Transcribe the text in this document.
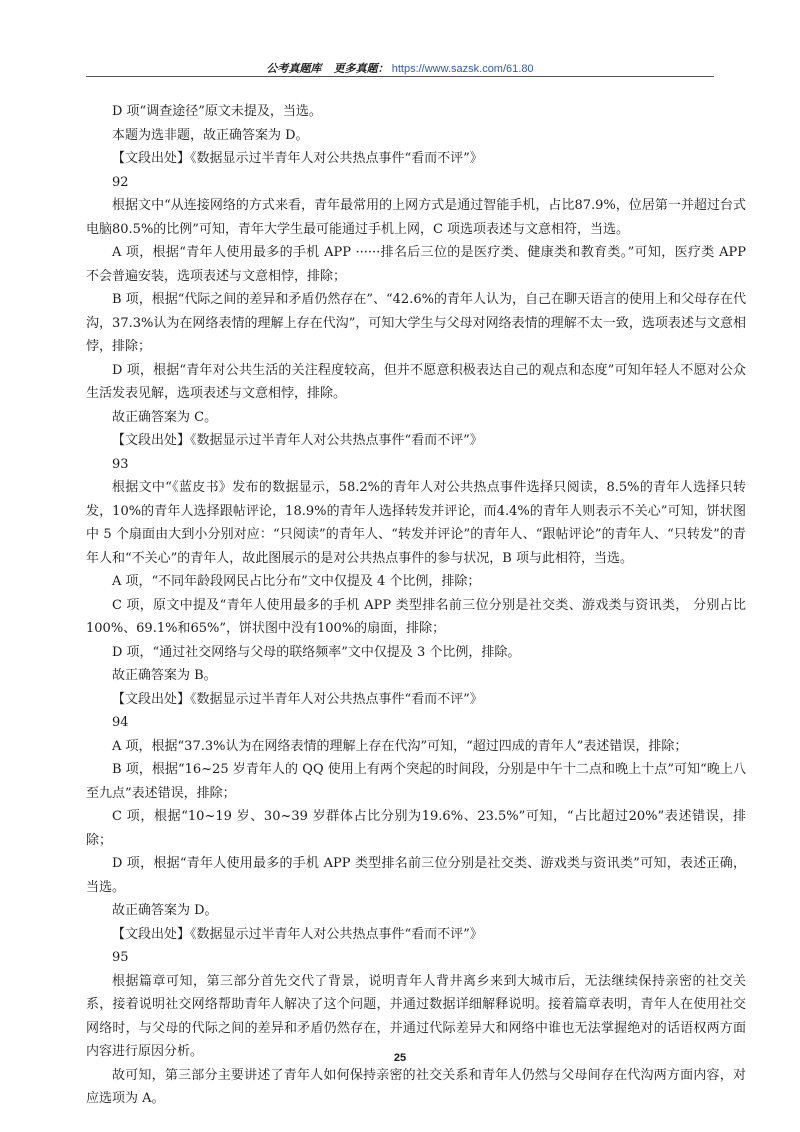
公考真题库 更多真题： https://www.sazsk.com/61.80

D 项“调查途径”原文未提及，当选。

本题为选非题，故正确答案为 D。

【文段出处】《数据显示过半青年人对公共热点事件“看而不评”》

92

根据文中“从连接网络的方式来看，青年最常用的上网方式是通过智能手机，占比87.9%，位居第一并超过台式电脑80.5%的比例”可知，青年大学生最可能通过手机上网，C 项选项表述与文意相符，当选。

A 项，根据“青年人使用最多的手机 APP ······排名后三位的是医疗类、健康类和教育类。”可知，医疗类 APP 不会普遍安装，选项表述与文意相悖，排除；

B 项，根据“代际之间的差异和矛盾仍然存在”、“42.6%的青年人认为，自己在聊天语言的使用上和父母存在代沟，37.3%认为在网络表情的理解上存在代沟”，可知大学生与父母对网络表情的理解不太一致，选项表述与文意相悖，排除；

D 项，根据“青年对公共生活的关注程度较高，但并不愿意积极表达自己的观点和态度”可知年轻人不愿对公众生活发表见解，选项表述与文意相悖，排除。

故正确答案为 C。

【文段出处】《数据显示过半青年人对公共热点事件“看而不评”》

93

根据文中“《蓝皮书》发布的数据显示，58.2%的青年人对公共热点事件选择只阅读，8.5%的青年人选择只转发，10%的青年人选择跟帖评论，18.9%的青年人选择转发并评论，而4.4%的青年人则表示不关心”可知，饼状图中 5 个扇面由大到小分别对应：“只阅读”的青年人、“转发并评论”的青年人、“跟帖评论”的青年人、“只转发”的青年人和“不关心”的青年人，故此图展示的是对公共热点事件的参与状况，B 项与此相符，当选。

A 项，“不同年龄段网民占比分布”文中仅提及 4 个比例，排除；

C 项，原文中提及“青年人使用最多的手机 APP 类型排名前三位分别是社交类、游戏类与资讯类， 分别占比100%、69.1%和65%”，饼状图中没有100%的扇面，排除；

D 项，“通过社交网络与父母的联络频率”文中仅提及 3 个比例，排除。

故正确答案为 B。

【文段出处】《数据显示过半青年人对公共热点事件“看而不评”》

94

A 项，根据“37.3%认为在网络表情的理解上存在代沟”可知，“超过四成的青年人”表述错误，排除；

B 项，根据“16~25 岁青年人的 QQ 使用上有两个突起的时间段，分别是中午十二点和晚上十点”可知“晚上八至九点”表述错误，排除；

C 项，根据“10~19 岁、30~39 岁群体占比分别为19.6%、23.5%”可知，“占比超过20%”表述错误，排除；

D 项，根据“青年人使用最多的手机 APP 类型排名前三位分别是社交类、游戏类与资讯类”可知，表述正确，当选。

故正确答案为 D。

【文段出处】《数据显示过半青年人对公共热点事件“看而不评”》

95

根据篇章可知，第三部分首先交代了背景，说明青年人背井离乡来到大城市后，无法继续保持亲密的社交关系，接着说明社交网络帮助青年人解决了这个问题，并通过数据详细解释说明。接着篇章表明，青年人在使用社交网络时，与父母的代际之间的差异和矛盾仍然存在，并通过代际差异大和网络中谁也无法掌握绝对的话语权两方面内容进行原因分析。

故可知，第三部分主要讲述了青年人如何保持亲密的社交关系和青年人仍然与父母间存在代沟两方面内容，对应选项为 A。

25
